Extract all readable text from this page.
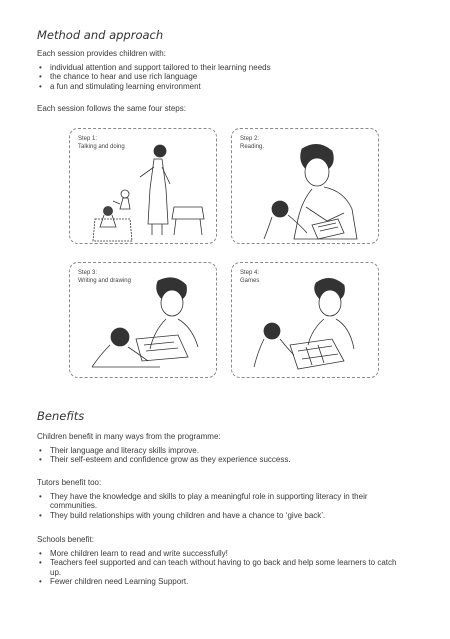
Method and approach

Each session provides children with:

• individual attention and support tailored to their learning needs
• the chance to hear and use rich language
• a fun and stimulating learning environment

Each session follows the same four steps:

Step 1:
Talking and doing
Step 2:
Reading.
Step 3:
Writing and drawing
Step 4:
Games
Benefits

Children benefit in many ways from the programme:

• Their language and literacy skills improve.
• Their self-esteem and confidence grow as they experience success.

Tutors benefit too:

• They have the knowledge and skills to play a meaningful role in supporting literacy in their communities.
• They build relationships with young children and have a chance to ‘give back’.

Schools benefit:

• More children learn to read and write successfully!
• Teachers feel supported and can teach without having to go back and help some learners to catch up.
• Fewer children need Learning Support.
